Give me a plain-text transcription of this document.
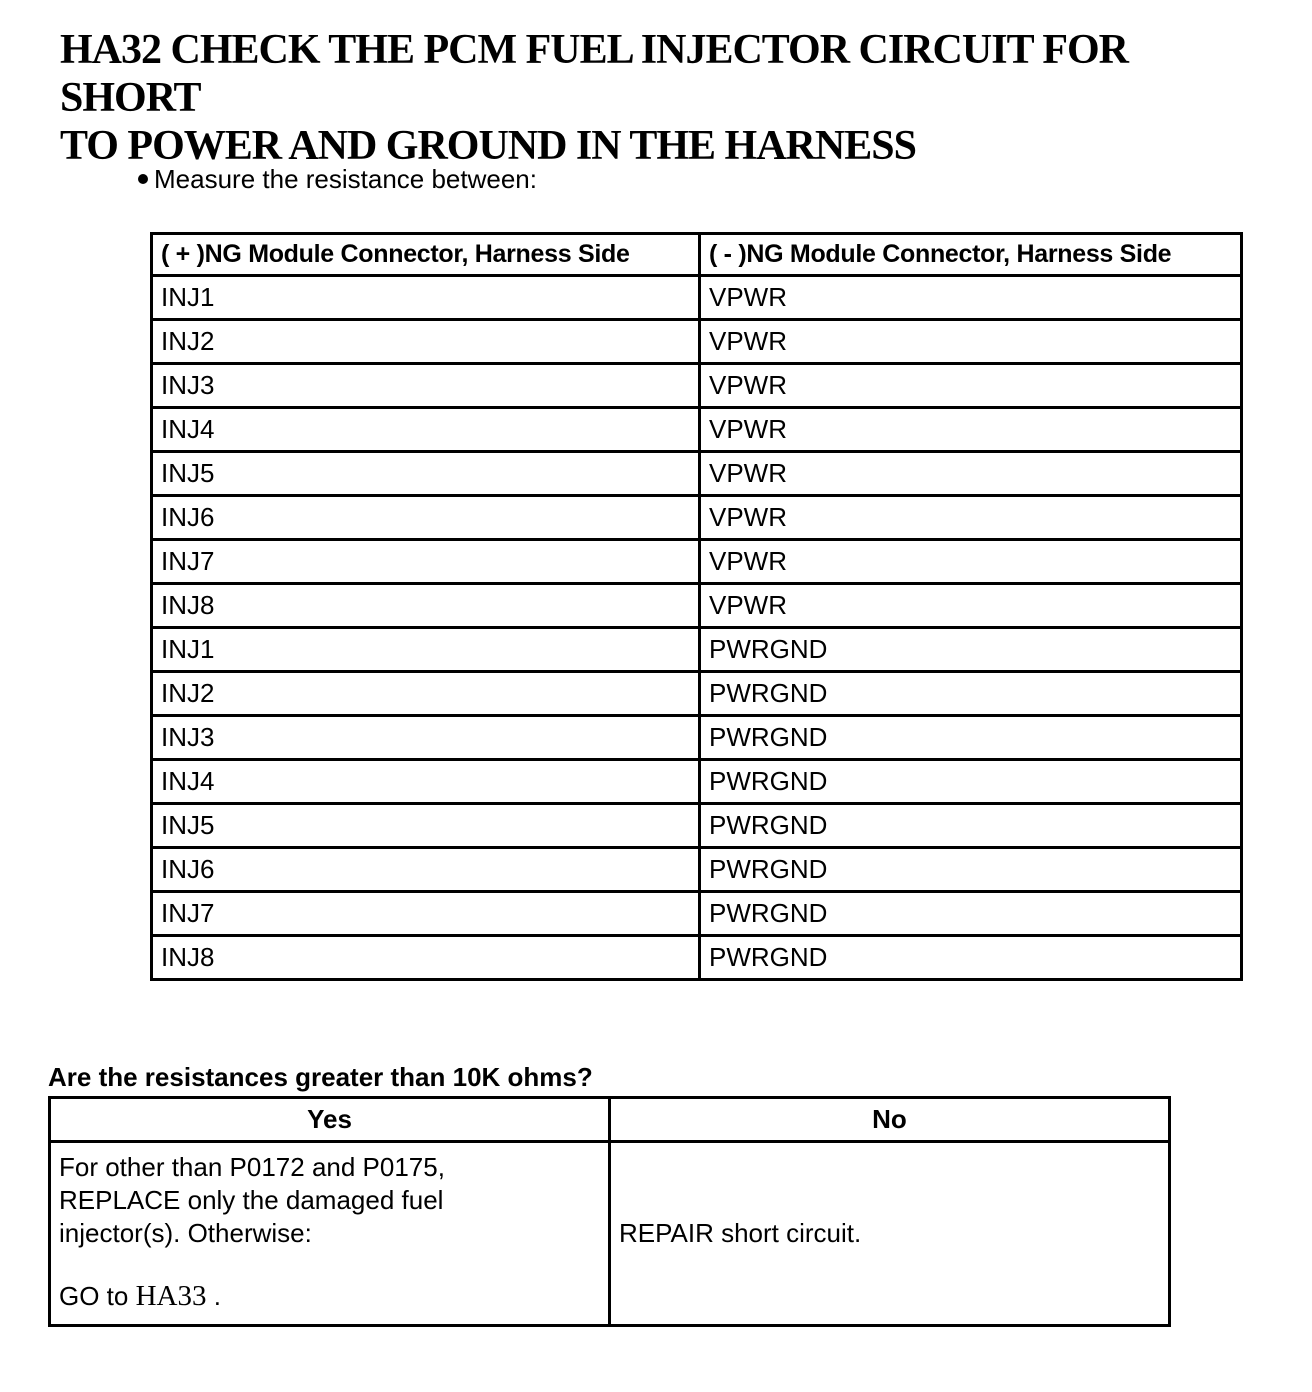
HA32 CHECK THE PCM FUEL INJECTOR CIRCUIT FOR SHORT
TO POWER AND GROUND IN THE HARNESS
Measure the resistance between:
( + )NG Module Connector, Harness Side	( - )NG Module Connector, Harness Side
INJ1	VPWR
INJ2	VPWR
INJ3	VPWR
INJ4	VPWR
INJ5	VPWR
INJ6	VPWR
INJ7	VPWR
INJ8	VPWR
INJ1	PWRGND
INJ2	PWRGND
INJ3	PWRGND
INJ4	PWRGND
INJ5	PWRGND
INJ6	PWRGND
INJ7	PWRGND
INJ8	PWRGND
Are the resistances greater than 10K ohms?
Yes	No

For other than P0172 and P0175,
REPLACE only the damaged fuel
injector(s). Otherwise:
GO to HA33 .	REPAIR short circuit.
